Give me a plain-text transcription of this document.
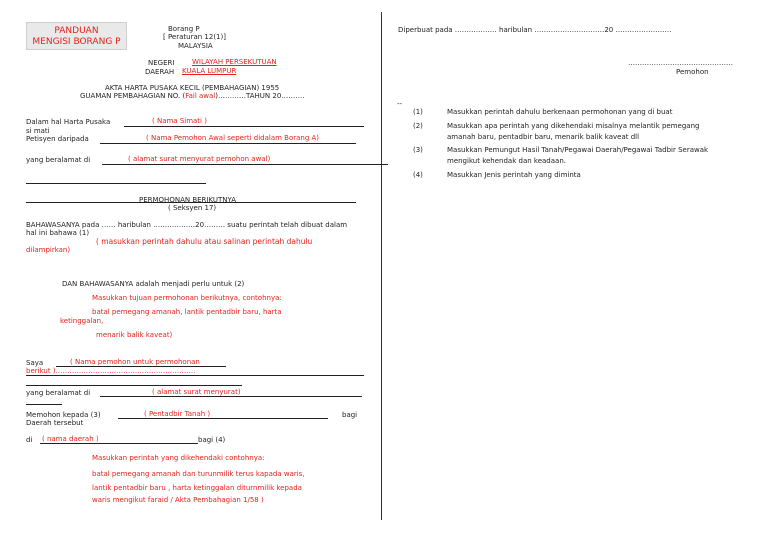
PANDUAN
MENGISI BORANG P
Borang P
[ Peraturan 12(1)]
MALAYSIA
NEGERI	WILAYAH PERSEKUTUAN
DAERAH KUALA LUMPUR
AKTA HARTA PUSAKA KECIL (PEMBAHAGIAN) 1955
GUAMAN PEMBAHAGIAN NO. (Fail awal)…………TAHUN 20……….
Dalam hal Harta Pusaka	( Nama Simati )
si mati
Petisyen daripada	( Nama Pemohon Awal seperti didalam Borang A)
yang beralamat di	( alamat surat menyurat pemohon awal)
PERMOHONAN BERIKUTNYA
( Seksyen 17)
BAHAWASANYA pada …… haribulan ………………20……… suatu perintah telah dibuat dalam
hal ini bahawa (1)
( masukkan perintah dahulu atau salinan perintah dahulu
dilampirkan)
DAN BAHAWASANYA adalah menjadi perlu untuk (2)
Masukkan tujuan permohonan berikutnya, contohnya:
batal pemegang amanah, lantik pentadbir baru, harta
ketinggalan,
menarik balik kaveat)
Saya	( Nama pemohon untuk permohonan
berikut )……………………………………………………
yang beralamat di	( alamat surat menyurat)
Memohon kepada (3)	( Pentadbir Tanah )	bagi
Daerah tersebut
di ( nama daerah )	bagi (4)
Masukkan perintah yang dikehendaki contohnya:
batal pemegang amanah dan turunmilik terus kapada waris,
lantik pentadbir baru , harta ketinggalan diturnmilik kepada
waris mengikut faraid / Akta Pembahagian 1/58 )
Diperbuat pada ……………… haribulan …………………………20 ……………………
………………………………………
Pemohon
--
(1)	Masukkan perintah dahulu berkenaan permohonan yang di buat
(2)	Masukkan apa perintah yang dikehendaki misalnya melantik pemegang
amanah baru, pentadbir baru, menarik balik kaveat dll
(3)	Masukkan Pemungut Hasil Tanah/Pegawai Daerah/Pegawai Tadbir Serawak
mengikut kehendak dan keadaan.
(4)	Masukkan Jenis perintah yang diminta
